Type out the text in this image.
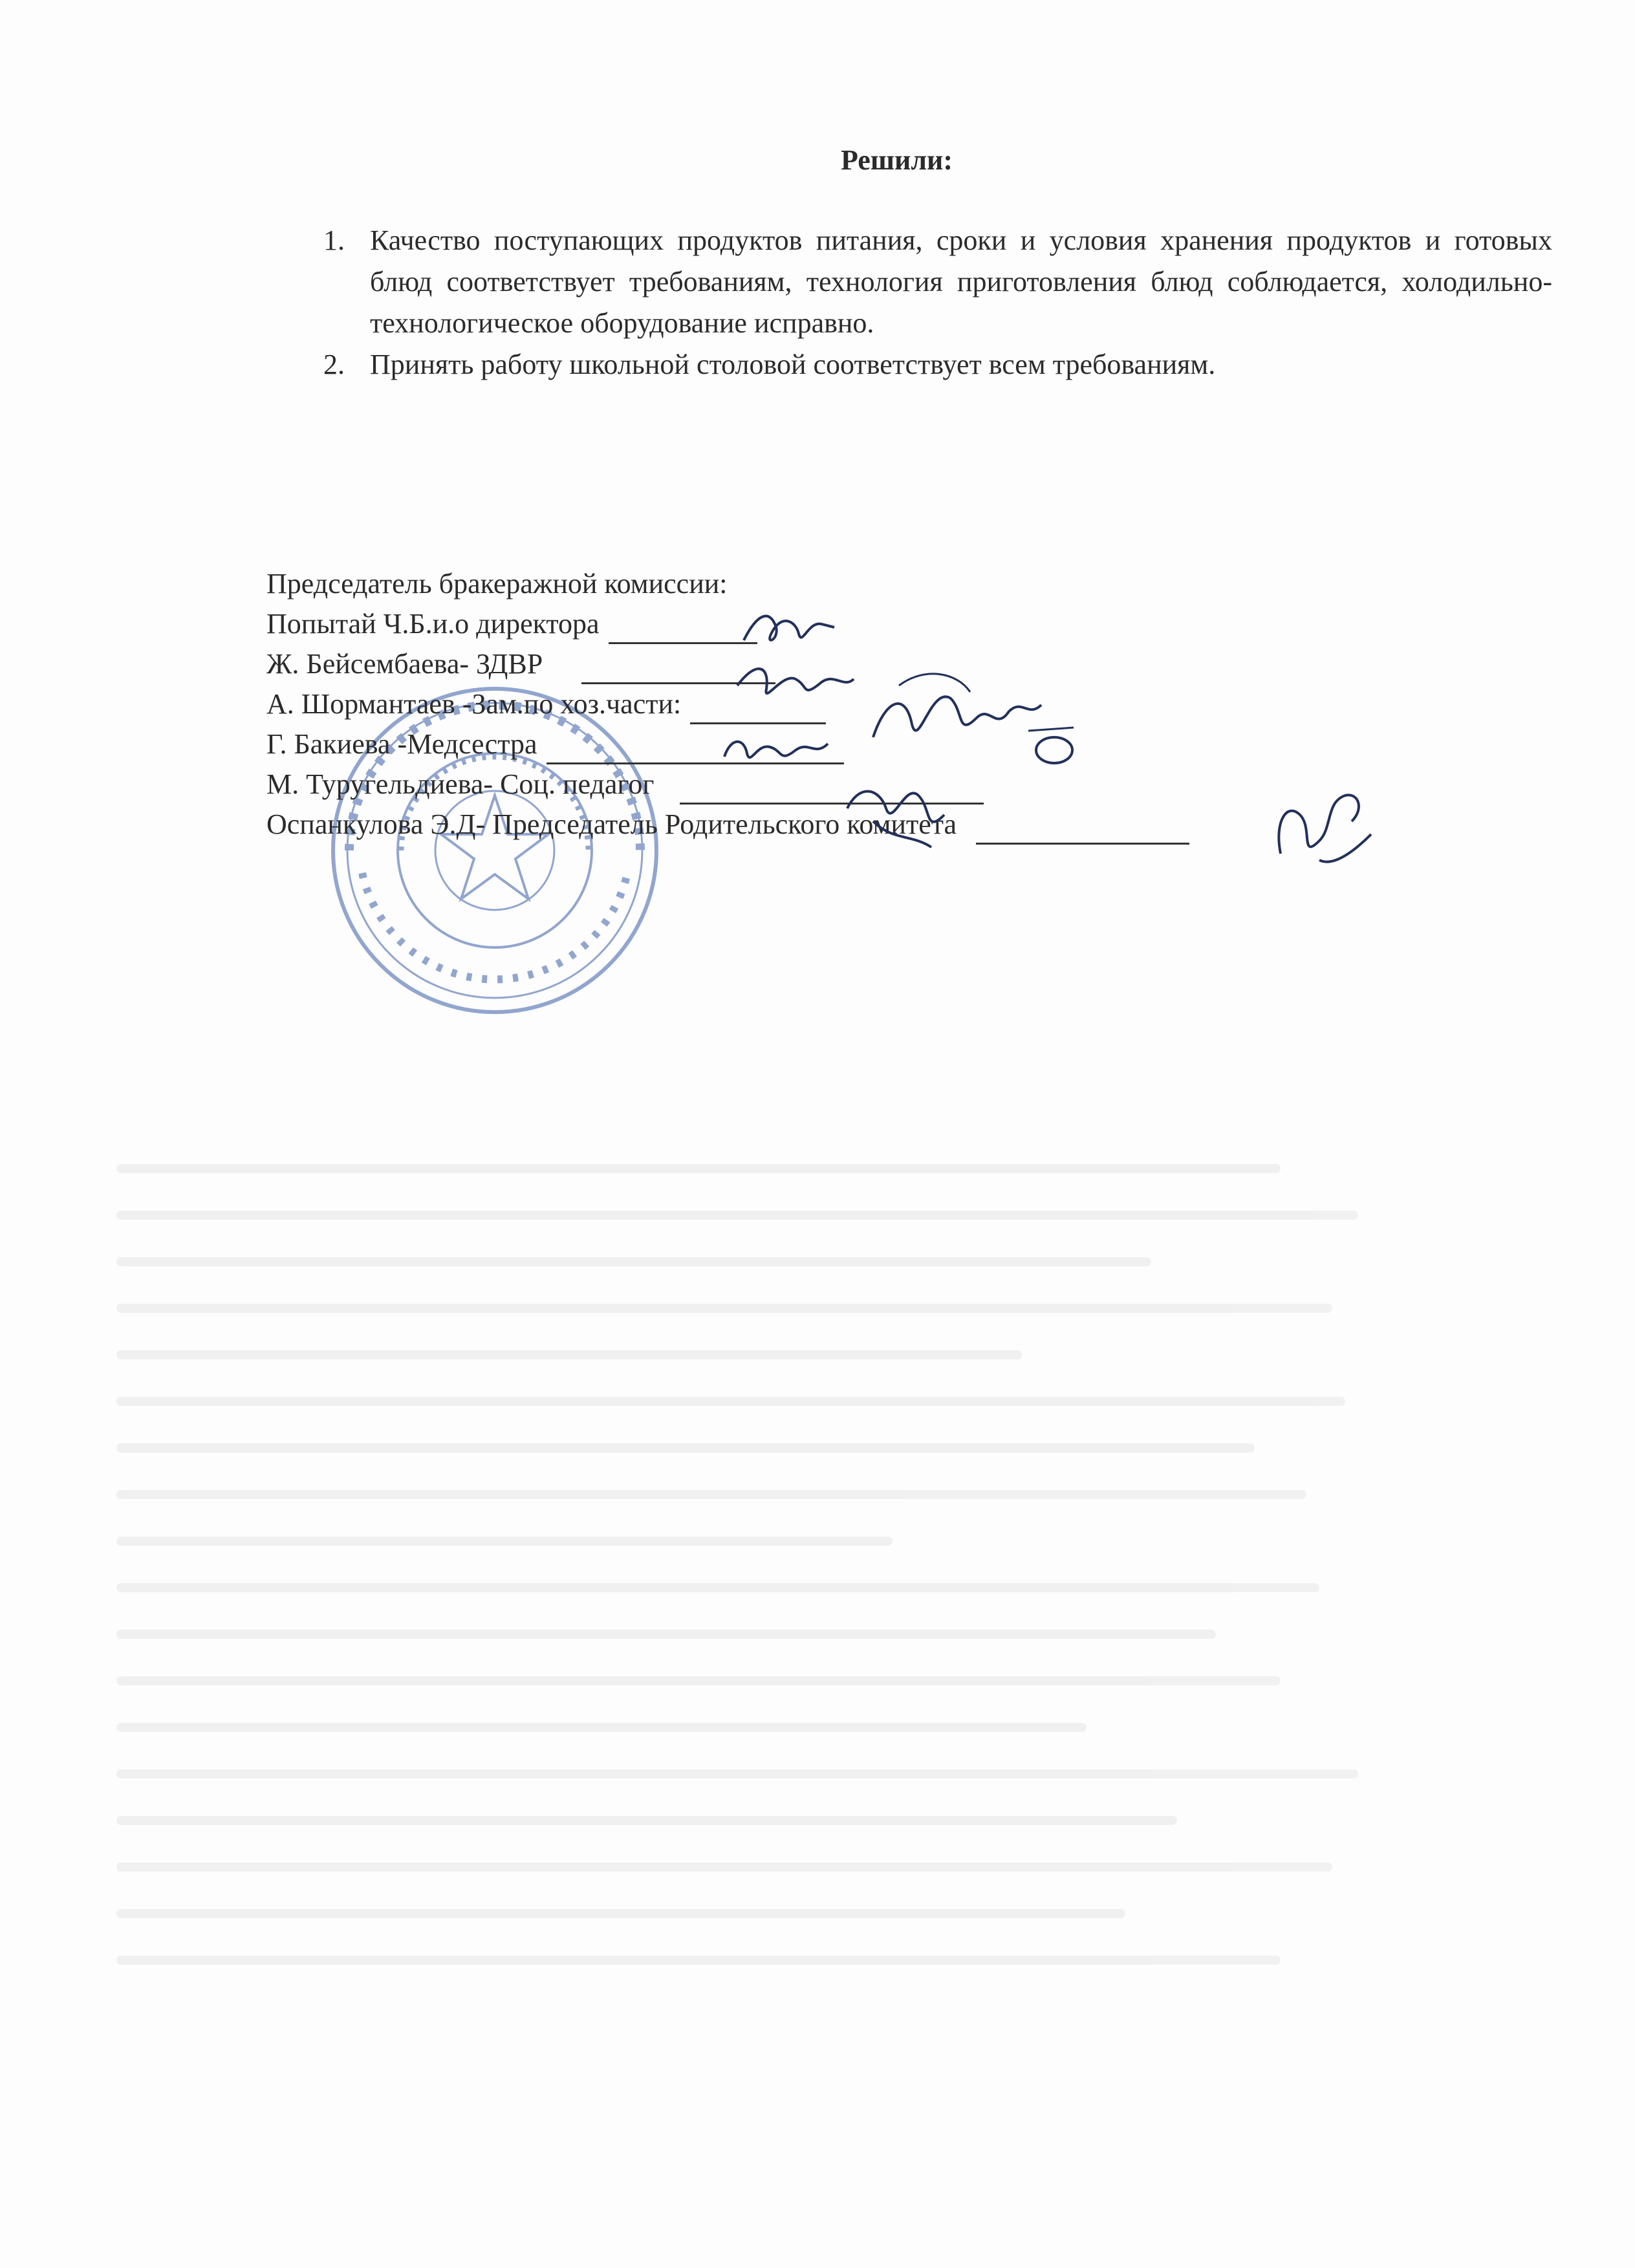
Решили:
1. Качество поступающих продуктов питания, сроки и условия хранения продуктов и готовых блюд соответствует требованиям, технология приготовления блюд соблюдается, холодильно-технологическое оборудование исправно.
2. Принять работу школьной столовой соответствует всем требованиям.
Председатель бракеражной комиссии:
Попытай Ч.Б.и.о директора
Ж. Бейсембаева- ЗДВР
А. Шормантаев -Зам.по хоз.части:
Г. Бакиева -Медсестра
М. Туругельдиева- Соц. педагог
Оспанкулова Э.Д- Председатель Родительского комитета
